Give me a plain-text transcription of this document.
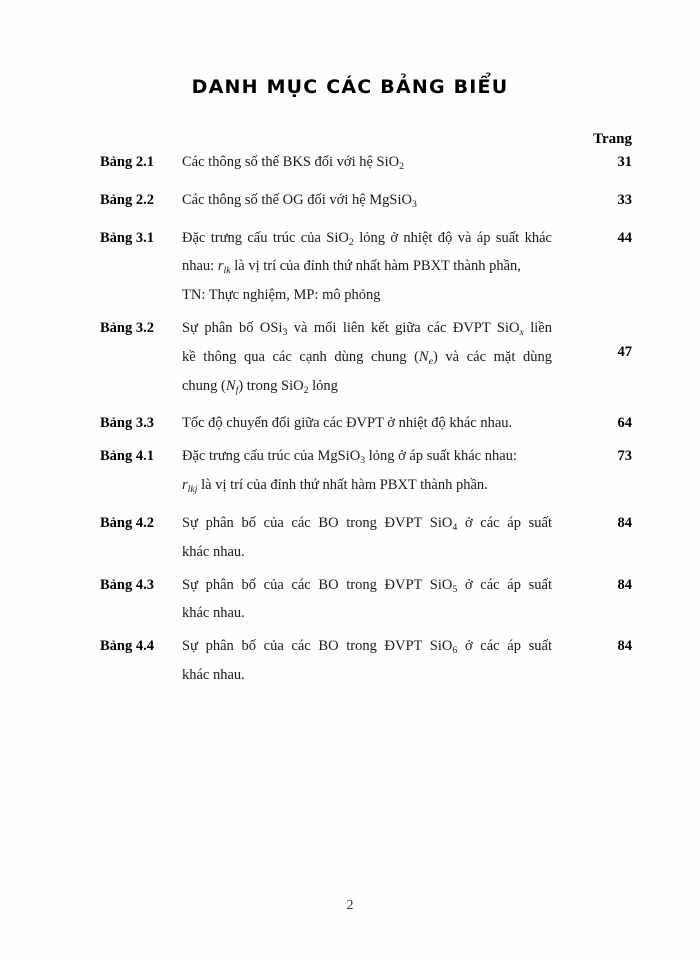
DANH MỤC CÁC BẢNG BIỂU
Trang
Bảng 2.1	Các thông số thế BKS đối với hệ SiO$_2$	31
Bảng 2.2	Các thông số thế OG đối với hệ MgSiO$_3$	33
Bảng 3.1	Đặc trưng cấu trúc của SiO$_2$ lỏng ở nhiệt độ và áp suất khác
nhau: $r_{lk}$ là vị trí của đỉnh thứ nhất hàm PBXT thành phần,
TN: Thực nghiệm, MP: mô phỏng
44
Bảng 3.2	Sự phân bố OSi$_3$ và mối liên kết giữa các ĐVPT SiO$_x$ liền
kề thông qua các cạnh dùng chung $(N_e)$ và các mặt dùng
chung $(N_f)$ trong SiO$_2$ lỏng
47
Bảng 3.3	Tốc độ chuyển đổi giữa các ĐVPT ở nhiệt độ khác nhau.	64
Bảng 4.1	Đặc trưng cấu trúc của MgSiO$_3$ lỏng ở áp suất khác nhau:
$r_{lkj}$ là vị trí của đỉnh thứ nhất hàm PBXT thành phần.
73
Bảng 4.2	Sự phân bố của các BO trong ĐVPT SiO$_4$ ở các áp suất
khác nhau.
84
Bảng 4.3	Sự phân bố của các BO trong ĐVPT SiO$_5$ ở các áp suất
khác nhau.
84
Bảng 4.4	Sự phân bố của các BO trong ĐVPT SiO$_6$ ở các áp suất
khác nhau.
84
2
